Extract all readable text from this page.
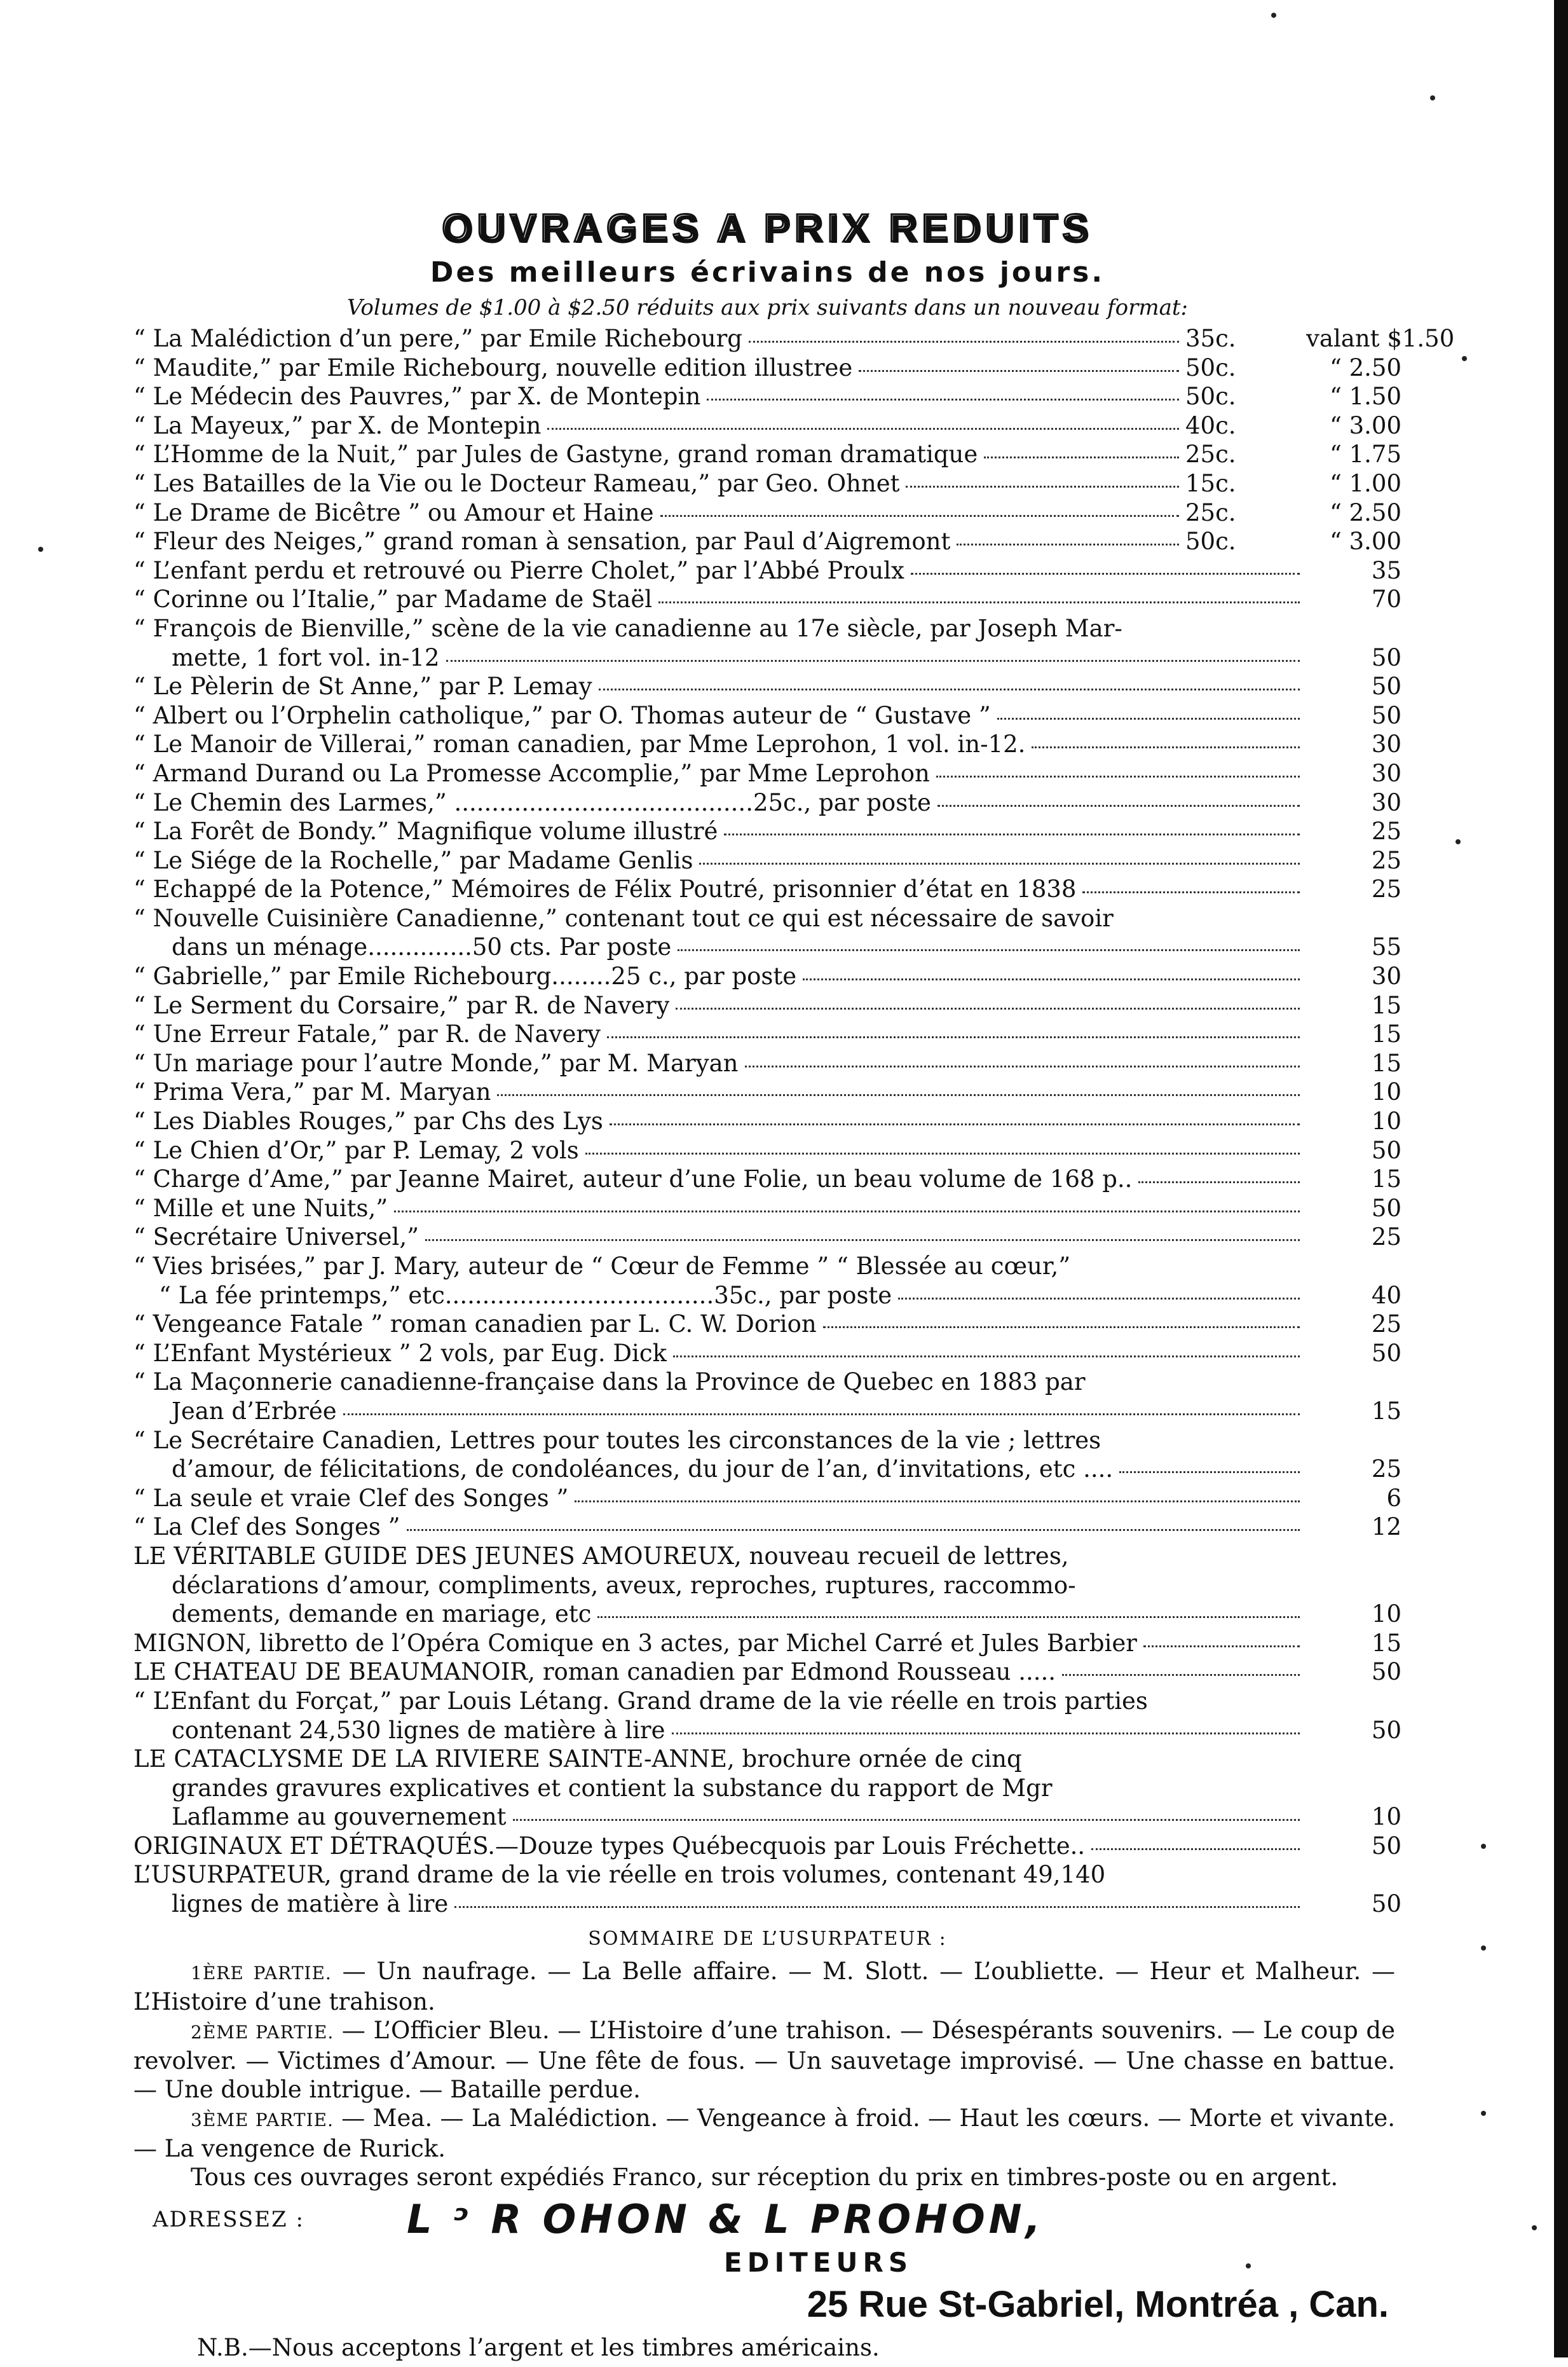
OUVRAGES A PRIX REDUITS
Des meilleurs écrivains de nos jours.
Volumes de $1.00 à $2.50 réduits aux prix suivants dans un nouveau format:
“ La Malédiction d’un pere,” par Emile Richebourg	35c.	valant $1.50
“ Maudite,” par Emile Richebourg, nouvelle edition illustree	50c.	“ 2.50
“ Le Médecin des Pauvres,” par X. de Montepin	50c.	“ 1.50
“ La Mayeux,” par X. de Montepin	40c.	“ 3.00
“ L’Homme de la Nuit,” par Jules de Gastyne, grand roman dramatique	25c.	“ 1.75
“ Les Batailles de la Vie ou le Docteur Rameau,” par Geo. Ohnet	15c.	“ 1.00
“ Le Drame de Bicêtre ” ou Amour et Haine	25c.	“ 2.50
“ Fleur des Neiges,” grand roman à sensation, par Paul d’Aigremont	50c.	“ 3.00
“ L’enfant perdu et retrouvé ou Pierre Cholet,” par l’Abbé Proulx	35
“ Corinne ou l’Italie,” par Madame de Staël	70
“ François de Bienville,” scène de la vie canadienne au 17e siècle, par Joseph Mar-
mette, 1 fort vol. in-12	50
“ Le Pèlerin de St Anne,” par P. Lemay	50
“ Albert ou l’Orphelin catholique,” par O. Thomas auteur de “ Gustave ”	50
“ Le Manoir de Villerai,” roman canadien, par Mme Leprohon, 1 vol. in-12.	30
“ Armand Durand ou La Promesse Accomplie,” par Mme Leprohon	30
“ Le Chemin des Larmes,” ........................................25c., par poste	30
“ La Forêt de Bondy.” Magnifique volume illustré	25
“ Le Siége de la Rochelle,” par Madame Genlis	25
“ Echappé de la Potence,” Mémoires de Félix Poutré, prisonnier d’état en 1838	25
“ Nouvelle Cuisinière Canadienne,” contenant tout ce qui est nécessaire de savoir
dans un ménage..............50 cts. Par poste	55
“ Gabrielle,” par Emile Richebourg........25 c., par poste	30
“ Le Serment du Corsaire,” par R. de Navery	15
“ Une Erreur Fatale,” par R. de Navery	15
“ Un mariage pour l’autre Monde,” par M. Maryan	15
“ Prima Vera,” par M. Maryan	10
“ Les Diables Rouges,” par Chs des Lys	10
“ Le Chien d’Or,” par P. Lemay, 2 vols	50
“ Charge d’Ame,” par Jeanne Mairet, auteur d’une Folie, un beau volume de 168 p..	15
“ Mille et une Nuits,”	50
“ Secrétaire Universel,”	25
“ Vies brisées,” par J. Mary, auteur de “ Cœur de Femme ” “ Blessée au cœur,”
“ La fée printemps,” etc....................................35c., par poste	40
“ Vengeance Fatale ” roman canadien par L. C. W. Dorion	25
“ L’Enfant Mystérieux ” 2 vols, par Eug. Dick	50
“ La Maçonnerie canadienne-française dans la Province de Quebec en 1883 par
Jean d’Erbrée	15
“ Le Secrétaire Canadien, Lettres pour toutes les circonstances de la vie ; lettres
d’amour, de félicitations, de condoléances, du jour de l’an, d’invitations, etc ....	25
“ La seule et vraie Clef des Songes ”	6
“ La Clef des Songes ”	12
LE VÉRITABLE GUIDE DES JEUNES AMOUREUX, nouveau recueil de lettres,
déclarations d’amour, compliments, aveux, reproches, ruptures, raccommo-
dements, demande en mariage, etc	10
MIGNON, libretto de l’Opéra Comique en 3 actes, par Michel Carré et Jules Barbier	15
LE CHATEAU DE BEAUMANOIR, roman canadien par Edmond Rousseau .....	50
“ L’Enfant du Forçat,” par Louis Létang. Grand drame de la vie réelle en trois parties
contenant 24,530 lignes de matière à lire	50
LE CATACLYSME DE LA RIVIERE SAINTE-ANNE, brochure ornée de cinq
grandes gravures explicatives et contient la substance du rapport de Mgr
Laflamme au gouvernement	10
ORIGINAUX ET DÉTRAQUÉS.—Douze types Québecquois par Louis Fréchette..	50
L’USURPATEUR, grand drame de la vie réelle en trois volumes, contenant 49,140
lignes de matière à lire	50
SOMMAIRE DE L’USURPATEUR :
1ÈRE PARTIE. — Un naufrage. — La Belle affaire. — M. Slott. — L’oubliette. — Heur et Malheur. — L’Histoire d’une trahison.
2ÈME PARTIE. — L’Officier Bleu. — L’Histoire d’une trahison. — Désespérants souvenirs. — Le coup de revolver. — Victimes d’Amour. — Une fête de fous. — Un sauvetage improvisé. — Une chasse en battue. — Une double intrigue. — Bataille perdue.
3ÈME PARTIE. — Mea. — La Malédiction. — Vengeance à froid. — Haut les cœurs. — Morte et vivante. — La vengence de Rurick.
Tous ces ouvrages seront expédiés Franco, sur réception du prix en timbres-poste ou en argent.
ADRESSEZ :	L ᵓ R OHON & L PROHON,
EDITEURS
25 Rue St-Gabriel, Montréa , Can.
N.B.—Nous acceptons l’argent et les timbres américains.
